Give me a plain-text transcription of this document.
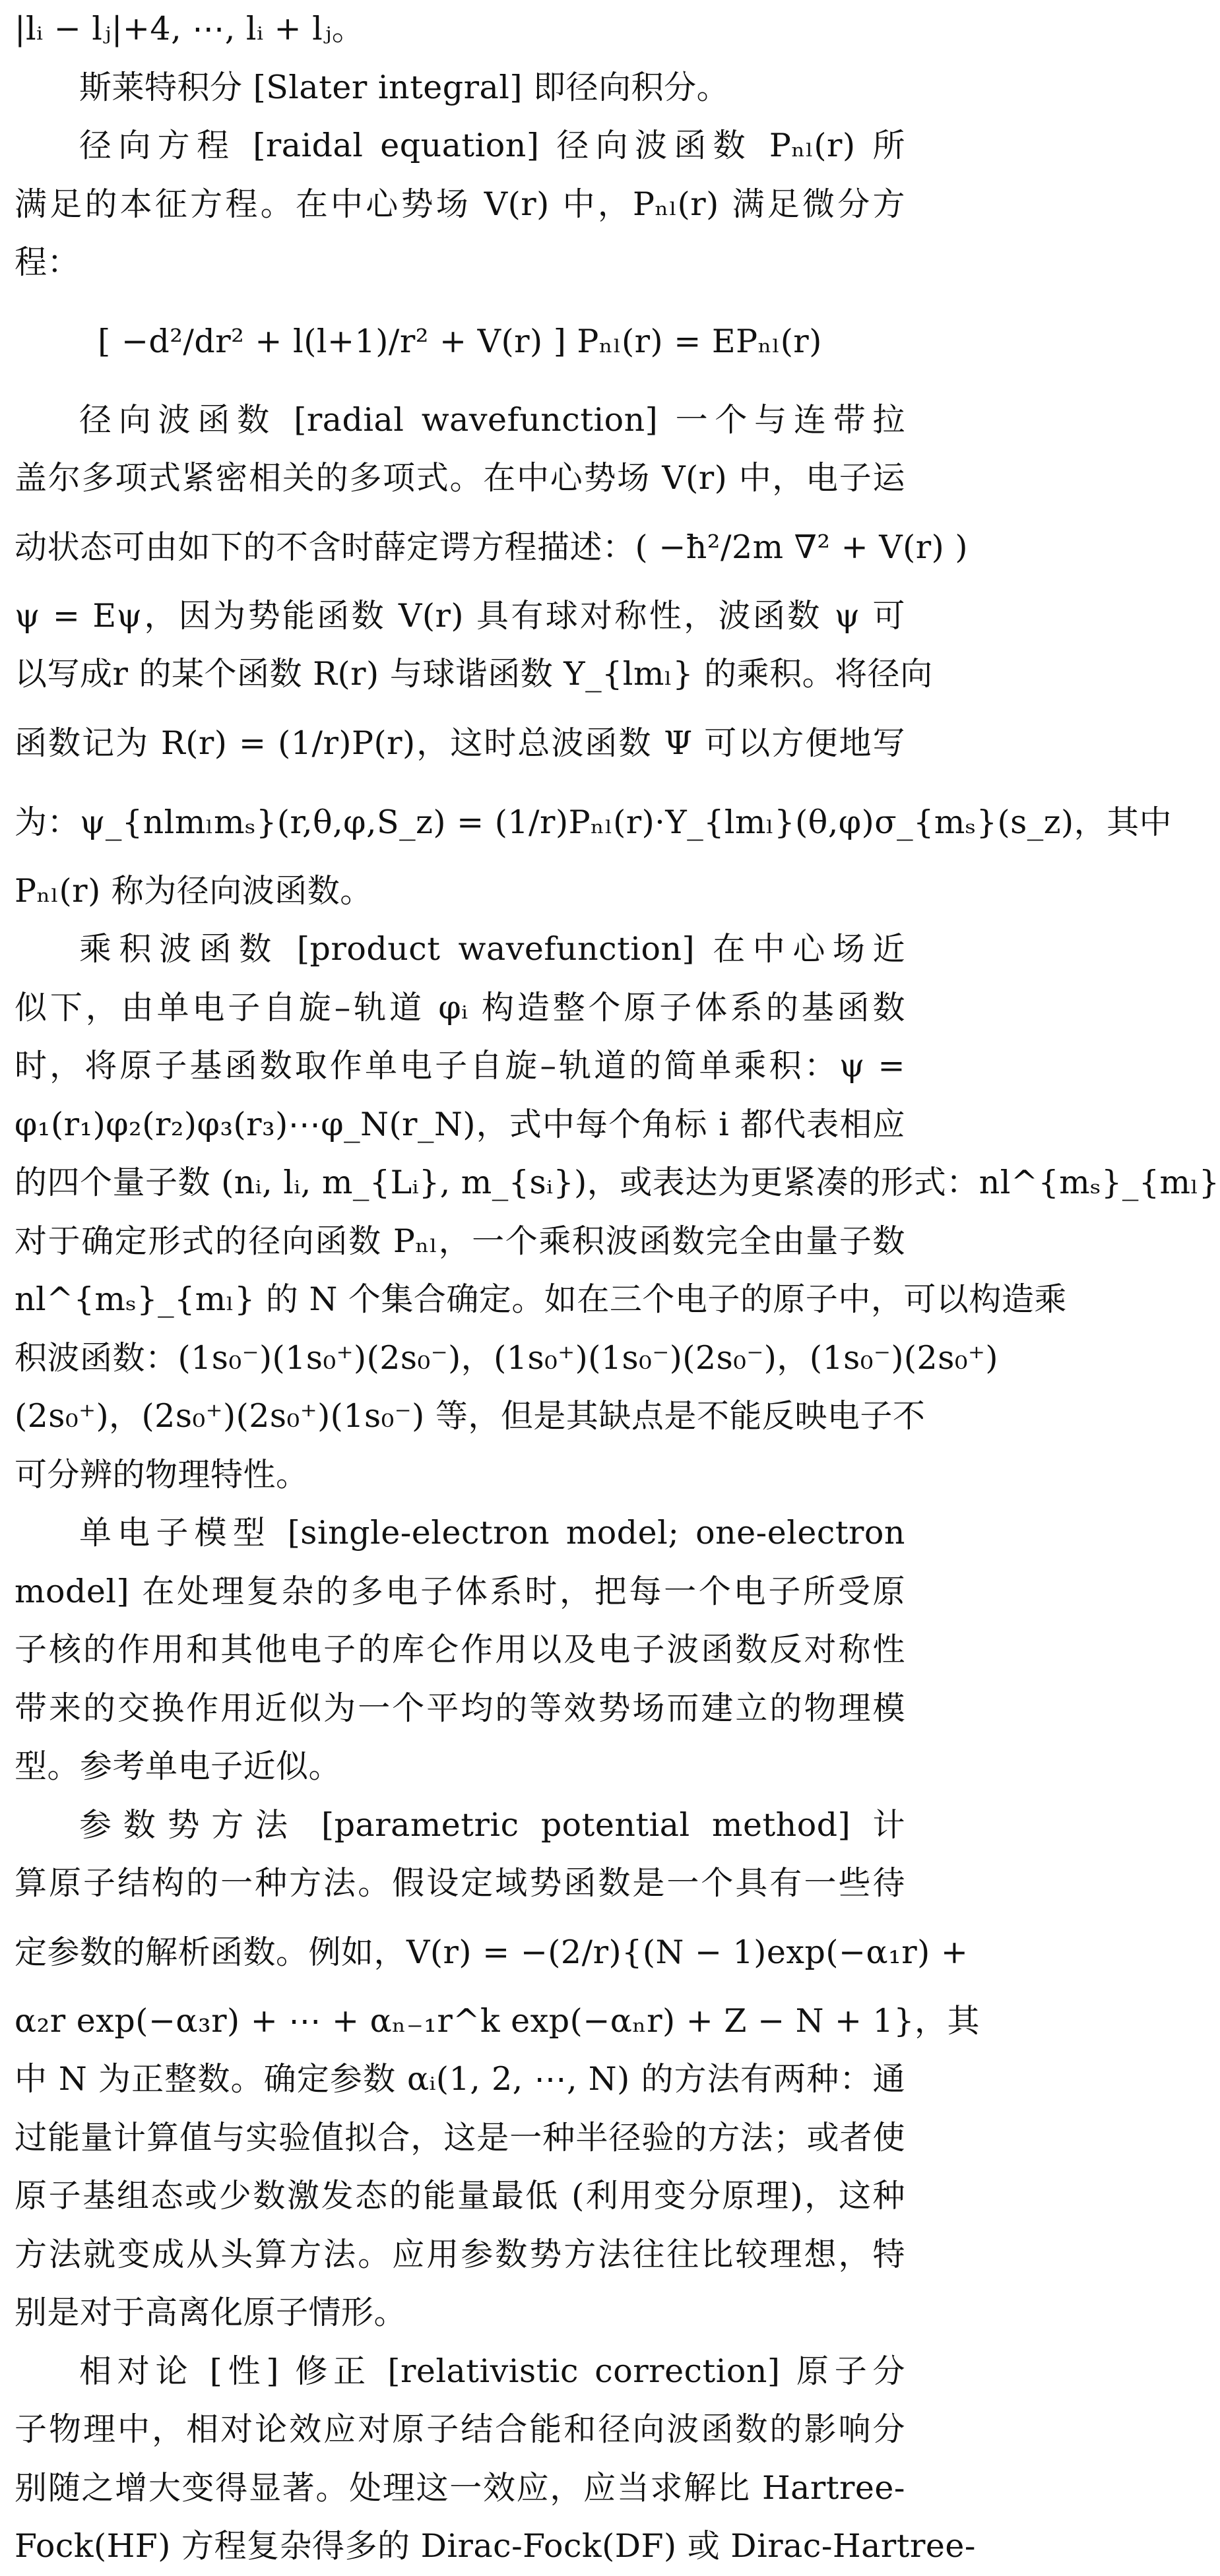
|lᵢ − lⱼ|+4, ⋯, lᵢ + lⱼ。
斯莱特积分 [Slater integral] 即径向积分。
径向方程 [raidal equation] 径向波函数 Pₙₗ(r) 所
满足的本征方程。在中心势场 V(r) 中，Pₙₗ(r) 满足微分方
程：
[ −d²/dr² + l(l+1)/r² + V(r) ] Pₙₗ(r) = EPₙₗ(r)
径向波函数 [radial wavefunction] 一个与连带拉
盖尔多项式紧密相关的多项式。在中心势场 V(r) 中，电子运
动状态可由如下的不含时薛定谔方程描述：( −ħ²/2m ∇² + V(r) )
ψ = Eψ，因为势能函数 V(r) 具有球对称性，波函数 ψ 可
以写成r 的某个函数 R(r) 与球谐函数 Y_{lmₗ} 的乘积。将径向
函数记为 R(r) = (1/r)P(r)，这时总波函数 Ψ 可以方便地写
为：ψ_{nlmₗmₛ}(r,θ,φ,S_z) = (1/r)Pₙₗ(r)·Y_{lmₗ}(θ,φ)σ_{mₛ}(s_z)，其中
Pₙₗ(r) 称为径向波函数。
乘积波函数 [product wavefunction] 在中心场近
似下，由单电子自旋–轨道 φᵢ 构造整个原子体系的基函数
时，将原子基函数取作单电子自旋–轨道的简单乘积：ψ =
φ₁(r₁)φ₂(r₂)φ₃(r₃)⋯φ_N(r_N)，式中每个角标 i 都代表相应
的四个量子数 (nᵢ, lᵢ, m_{Lᵢ}, m_{sᵢ})，或表达为更紧凑的形式：nl^{mₛ}_{mₗ}
对于确定形式的径向函数 Pₙₗ，一个乘积波函数完全由量子数
nl^{mₛ}_{mₗ} 的 N 个集合确定。如在三个电子的原子中，可以构造乘
积波函数：(1s₀⁻)(1s₀⁺)(2s₀⁻)，(1s₀⁺)(1s₀⁻)(2s₀⁻)，(1s₀⁻)(2s₀⁺)
(2s₀⁺)，(2s₀⁺)(2s₀⁺)(1s₀⁻) 等，但是其缺点是不能反映电子不
可分辨的物理特性。
单电子模型 [single-electron model; one-electron
model] 在处理复杂的多电子体系时，把每一个电子所受原
子核的作用和其他电子的库仑作用以及电子波函数反对称性
带来的交换作用近似为一个平均的等效势场而建立的物理模
型。参考单电子近似。
参数势方法 [parametric potential method] 计
算原子结构的一种方法。假设定域势函数是一个具有一些待
定参数的解析函数。例如，V(r) = −(2/r){(N − 1)exp(−α₁r) +
α₂r exp(−α₃r) + ⋯ + αₙ₋₁r^k exp(−αₙr) + Z − N + 1}，其
中 N 为正整数。确定参数 αᵢ(1, 2, ⋯, N) 的方法有两种：通
过能量计算值与实验值拟合，这是一种半径验的方法；或者使
原子基组态或少数激发态的能量最低 (利用变分原理)，这种
方法就变成从头算方法。应用参数势方法往往比较理想，特
别是对于高离化原子情形。
相对论 [性] 修正 [relativistic correction] 原子分
子物理中，相对论效应对原子结合能和径向波函数的影响分
别随之增大变得显著。处理这一效应，应当求解比 Hartree-
Fock(HF) 方程复杂得多的 Dirac-Fock(DF) 或 Dirac-Hartree-
